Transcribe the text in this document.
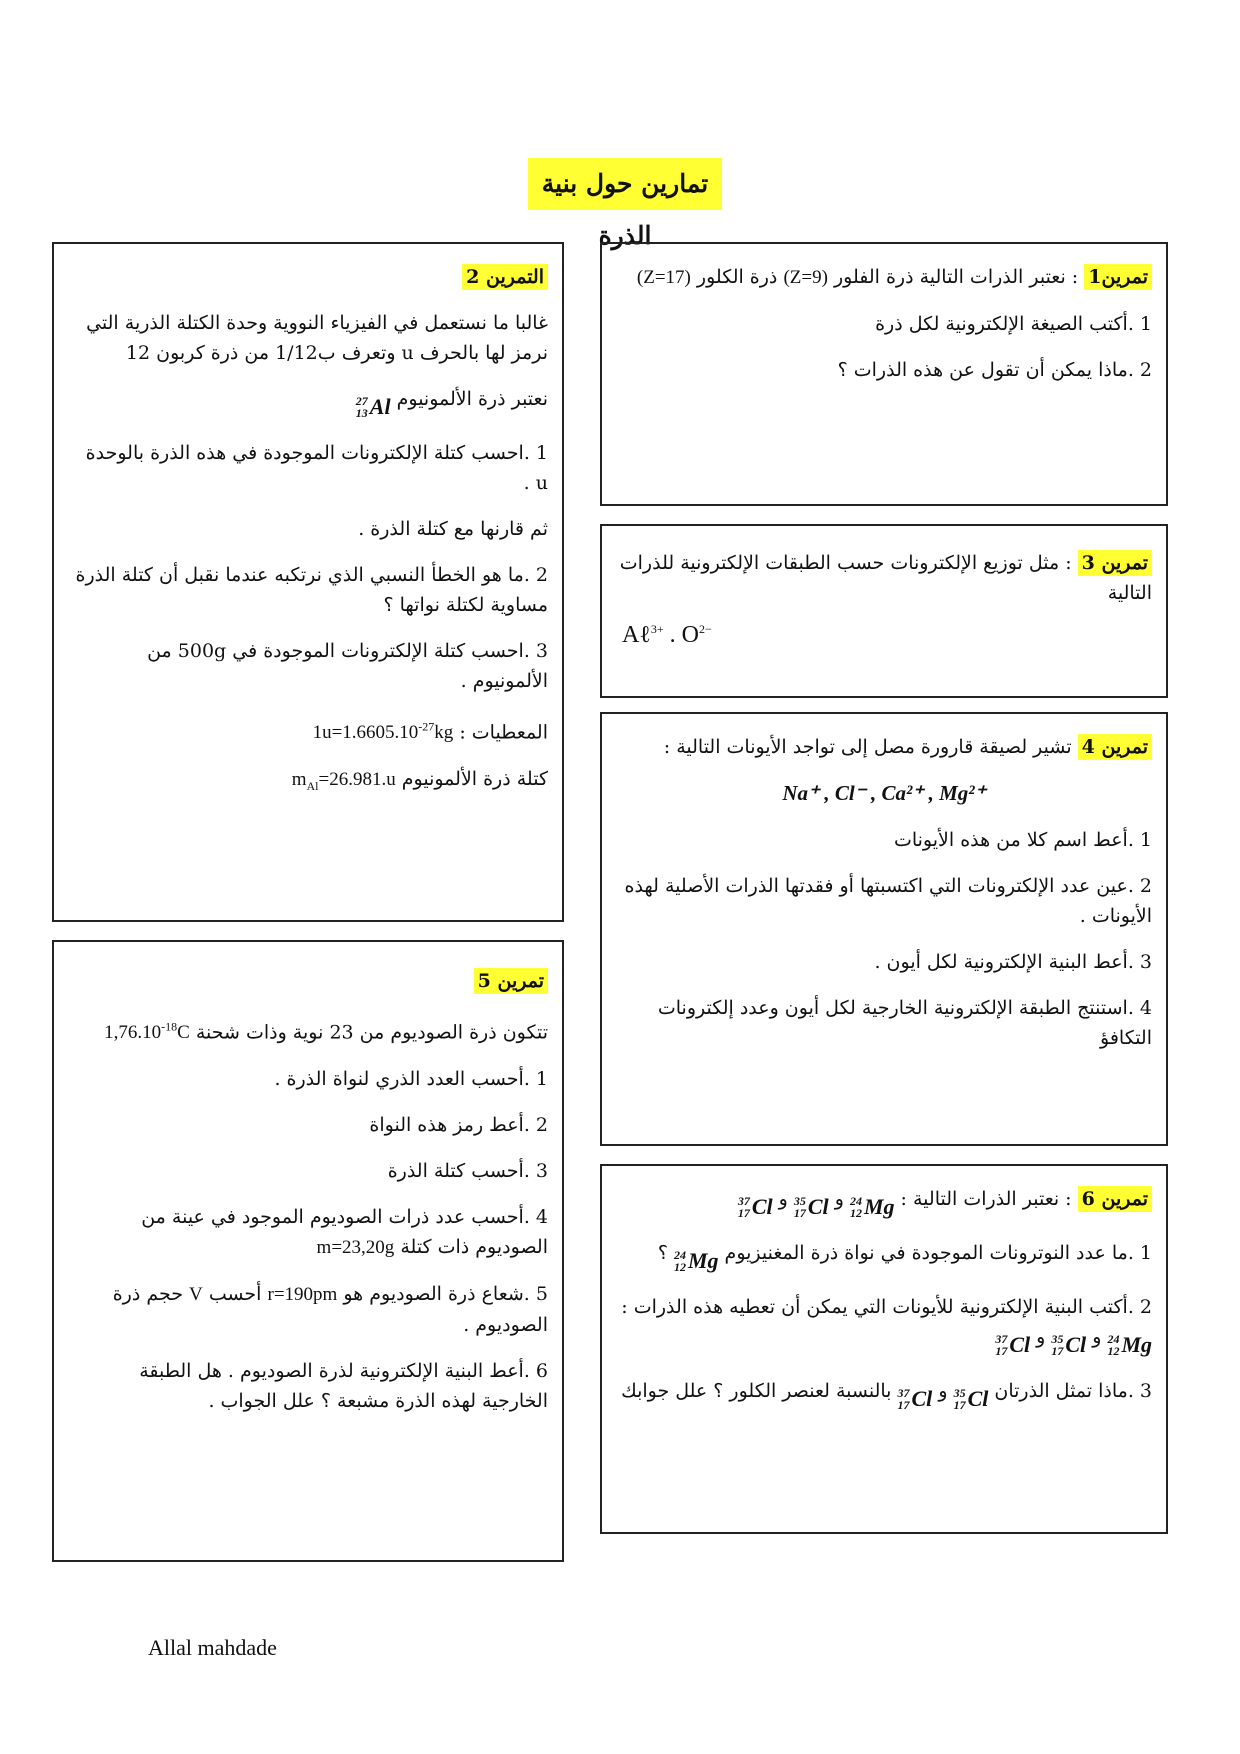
تمارين حول بنية الذرة

تمرين1 : نعتبر الذرات التالية ذرة الفلور (Z=9) ذرة الكلور (Z=17)

1 .أكتب الصيغة الإلكترونية لكل ذرة

2 .ماذا يمكن أن تقول عن هذه الذرات ؟

التمرين 2

غالبا ما نستعمل في الفيزياء النووية وحدة الكتلة الذرية التي نرمز لها بالحرف u وتعرف ب1/12 من ذرة كربون 12

نعتبر ذرة الألمونيوم
27
13 Al

1 .احسب كتلة الإلكترونات الموجودة في هذه الذرة بالوحدة u .

ثم قارنها مع كتلة الذرة .

2 .ما هو الخطأ النسبي الذي نرتكبه عندما نقبل أن كتلة الذرة مساوية لكتلة نواتها ؟

3 .احسب كتلة الإلكترونات الموجودة في 500g من الألمونيوم .

المعطيات : $1u=1.6605.10^{-27}kg$

كتلة ذرة الألمونيوم $m_{Al}=26.981.u$

تمرين 3 : مثل توزيع الإلكترونات حسب الطبقات الإلكترونية للذرات التالية

Aℓ$^{3+}$ . $O^{2-}$

تمرين 4 تشير لصيقة قارورة مصل إلى تواجد الأيونات التالية :

Na⁺ , Cl⁻ , Ca²⁺ , Mg²⁺

1 .أعط اسم كلا من هذه الأيونات

2 .عين عدد الإلكترونات التي اكتسبتها أو فقدتها الذرات الأصلية لهذه الأيونات .

3 .أعط البنية الإلكترونية لكل أيون .

4 .استنتج الطبقة الإلكترونية الخارجية لكل أيون وعدد إلكترونات التكافؤ

تمرين 5

تتكون ذرة الصوديوم من 23 نوية وذات شحنة $1,76.10^{-18}C$

1 .أحسب العدد الذري لنواة الذرة .

2 .أعط رمز هذه النواة

3 .أحسب كتلة الذرة

4 .أحسب عدد ذرات الصوديوم الموجود في عينة من الصوديوم ذات كتلة m=23,20g

5 .شعاع ذرة الصوديوم هو r=190pm أحسب V حجم ذرة الصوديوم .

6 .أعط البنية الإلكترونية لذرة الصوديوم . هل الطبقة الخارجية لهذه الذرة مشبعة ؟ علل الجواب .

تمرين 6 : نعتبر الذرات التالية :
24
12 Mg
و
35
17 Cl
و
37
17 Cl

1 .ما عدد النوترونات الموجودة في نواة ذرة المغنيزيوم
24
12 Mg
؟

2 .أكتب البنية الإلكترونية للأيونات التي يمكن أن تعطيه هذه الذرات :
24
12 Mg
و
35
17 Cl
و
37
17 Cl

3 .ماذا تمثل الذرتان
35
17 Cl
و
37
17 Cl
بالنسبة لعنصر الكلور ؟ علل جوابك

Allal mahdade
